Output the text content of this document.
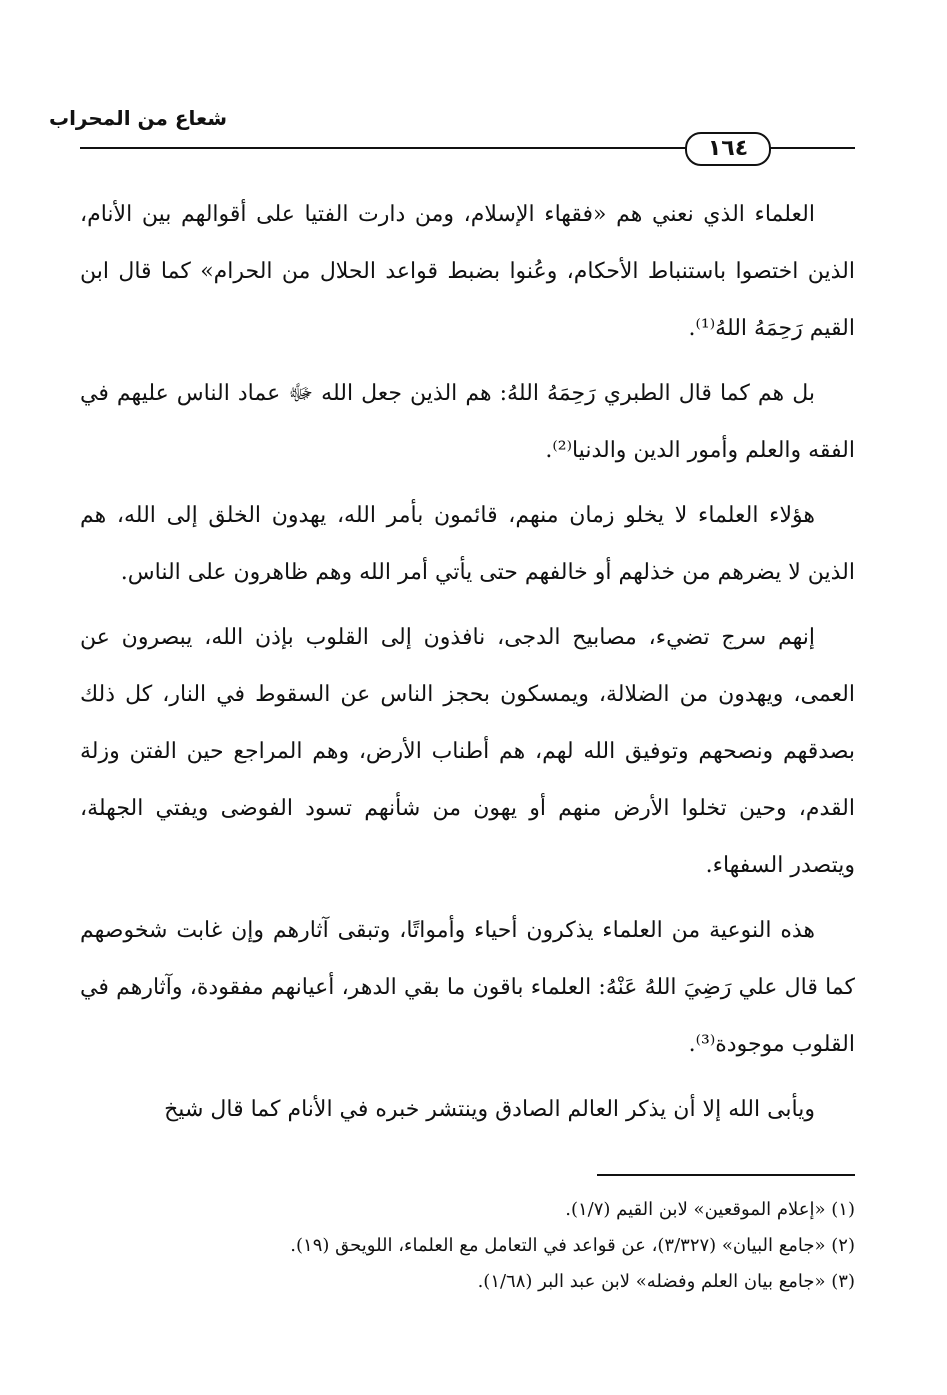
شعاع من المحراب
١٦٤

العلماء الذي نعني هم «فقهاء الإسلام، ومن دارت الفتيا على أقوالهم بين الأنام، الذين اختصوا باستنباط الأحكام، وعُنوا بضبط قواعد الحلال من الحرام» كما قال ابن القيم رَحِمَهُ اللهُ⁽¹⁾.

بل هم كما قال الطبري رَحِمَهُ اللهُ: هم الذين جعل الله ﷻ عماد الناس عليهم في الفقه والعلم وأمور الدين والدنيا⁽²⁾.

هؤلاء العلماء لا يخلو زمان منهم، قائمون بأمر الله، يهدون الخلق إلى الله، هم الذين لا يضرهم من خذلهم أو خالفهم حتى يأتي أمر الله وهم ظاهرون على الناس.

إنهم سرج تضيء، مصابيح الدجى، نافذون إلى القلوب بإذن الله، يبصرون عن العمى، ويهدون من الضلالة، ويمسكون بحجز الناس عن السقوط في النار، كل ذلك بصدقهم ونصحهم وتوفيق الله لهم، هم أطناب الأرض، وهم المراجع حين الفتن وزلة القدم، وحين تخلوا الأرض منهم أو يهون من شأنهم تسود الفوضى ويفتي الجهلة، ويتصدر السفهاء.

هذه النوعية من العلماء يذكرون أحياء وأمواتًا، وتبقى آثارهم وإن غابت شخوصهم كما قال علي رَضِيَ اللهُ عَنْهُ: العلماء باقون ما بقي الدهر، أعيانهم مفقودة، وآثارهم في القلوب موجودة⁽³⁾.

ويأبى الله إلا أن يذكر العالم الصادق وينتشر خبره في الأنام كما قال شيخ

(١) «إعلام الموقعين» لابن القيم (١/٧).
(٢) «جامع البيان» (٣/٣٢٧)، عن قواعد في التعامل مع العلماء، اللويحق (١٩).
(٣) «جامع بيان العلم وفضله» لابن عبد البر (١/٦٨).
